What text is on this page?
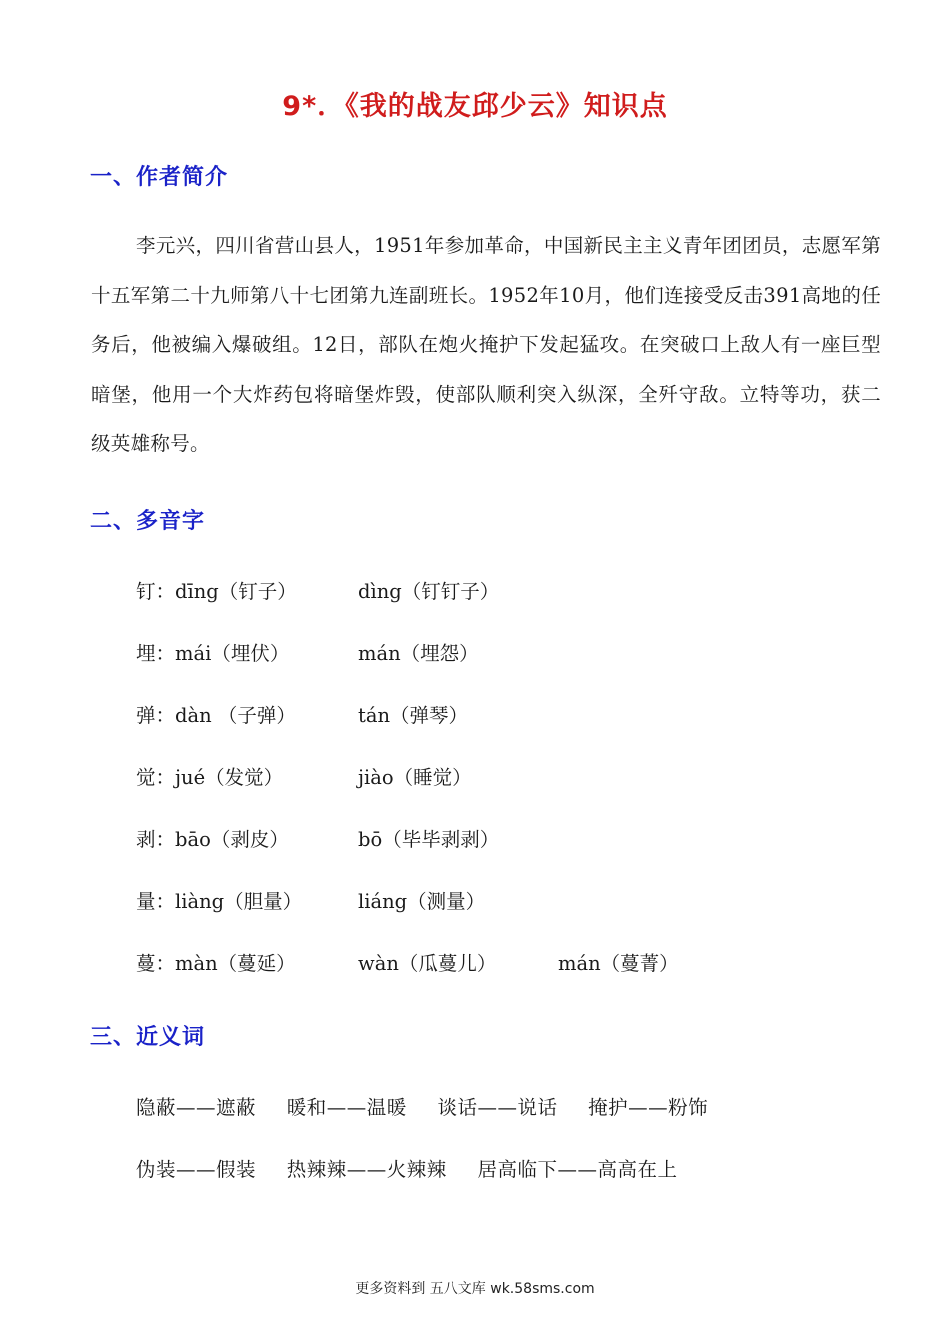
9*．《我的战友邱少云》知识点
一、作者简介
李元兴，四川省营山县人，1951年参加革命，中国新民主主义青年团团员，志愿军第十五军第二十九师第八十七团第九连副班长。1952年10月，他们连接受反击391高地的任务后，他被编入爆破组。12日，部队在炮火掩护下发起猛攻。在突破口上敌人有一座巨型暗堡，他用一个大炸药包将暗堡炸毁，使部队顺利突入纵深，全歼守敌。立特等功，获二级英雄称号。
二、多音字
钉：dīng（钉子）	dìng（钉钉子）
埋：mái（埋伏）	mán（埋怨）
弹：dàn （子弹）	tán（弹琴）
觉：jué（发觉）	jiào（睡觉）
剥：bāo（剥皮）	bō（毕毕剥剥）
量：liàng（胆量）	liáng（测量）
蔓：màn（蔓延）	wàn（瓜蔓儿）	mán（蔓菁）
三、近义词
隐蔽——遮蔽 暖和——温暖 谈话——说话 掩护——粉饰
伪装——假装 热辣辣——火辣辣 居高临下——高高在上
更多资料到 五八文库 wk.58sms.com
